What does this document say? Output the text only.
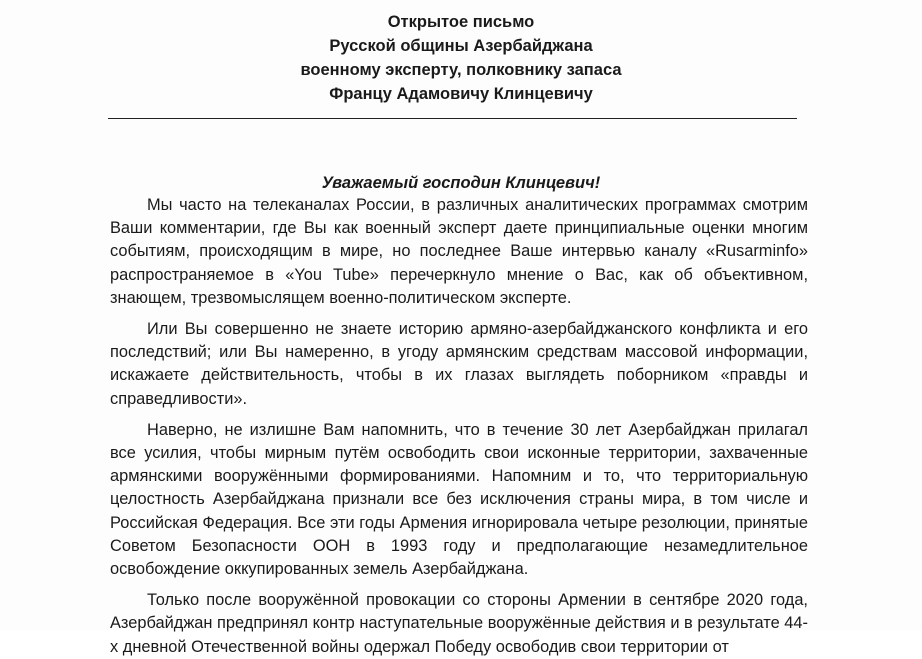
Открытое письмо
Русской общины Азербайджана
военному эксперту, полковнику запаса
Францу Адамовичу Клинцевичу
Уважаемый господин Клинцевич!

Мы часто на телеканалах России, в различных аналитических программах смотрим Ваши комментарии, где Вы как военный эксперт даете принципиальные оценки многим событиям, происходящим в мире, но последнее Ваше интервью каналу «Rusarminfo» распространяемое в «You Tube» перечеркнуло мнение о Вас, как об объективном, знающем, трезвомыслящем военно-политическом эксперте.

Или Вы совершенно не знаете историю армяно-азербайджанского конфликта и его последствий; или Вы намеренно, в угоду армянским средствам массовой информации, искажаете действительность, чтобы в их глазах выглядеть поборником «правды и справедливости».

Наверно, не излишне Вам напомнить, что в течение 30 лет Азербайджан прилагал все усилия, чтобы мирным путём освободить свои исконные территории, захваченные армянскими вооружёнными формированиями. Напомним и то, что территориальную целостность Азербайджана признали все без исключения страны мира, в том числе и Российская Федерация. Все эти годы Армения игнорировала четыре резолюции, принятые Советом Безопасности ООН в 1993 году и предполагающие незамедлительное освобождение оккупированных земель Азербайджана.

Только после вооружённой провокации со стороны Армении в сентябре 2020 года, Азербайджан предпринял контр наступательные вооружённые действия и в результате 44-х дневной Отечественной войны одержал Победу освободив свои территории от
